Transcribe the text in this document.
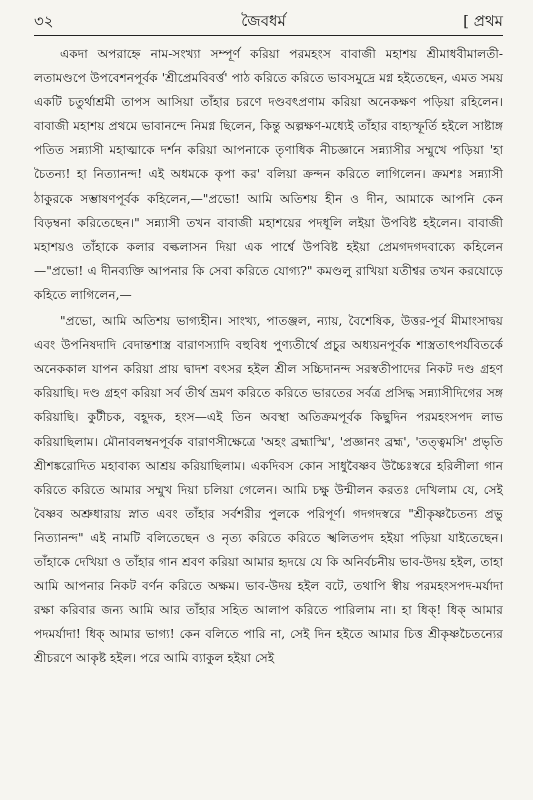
৩২	জৈবধর্ম	[ প্রথম

একদা অপরাহ্নে নাম-সংখ্যা সম্পূর্ণ করিয়া পরমহংস বাবাজী মহাশয় শ্রীমাধবীমালতী-লতামণ্ডপে উপবেশনপূর্বক 'শ্রীপ্রেমবিবর্ত্ত' পাঠ করিতে করিতে ভাবসমুদ্রে মগ্ন হইতেছেন, এমত সময় একটি চতুর্থাশ্রমী তাপস আসিয়া তাঁহার চরণে দণ্ডবৎপ্রণাম করিয়া অনেকক্ষণ পড়িয়া রহিলেন। বাবাজী মহাশয় প্রথমে ভাবানন্দে নিমগ্ন ছিলেন, কিন্তু অল্পক্ষণ-মধ্যেই তাঁহার বাহ্যস্ফূর্তি হইলে সাষ্টাঙ্গ পতিত সন্ন্যাসী মহাত্মাকে দর্শন করিয়া আপনাকে তৃণাধিক নীচজ্ঞানে সন্ন্যাসীর সম্মুখে পড়িয়া 'হা চৈতন্য! হা নিত্যানন্দ! এই অধমকে কৃপা কর' বলিয়া ক্রন্দন করিতে লাগিলেন। ক্রমশঃ সন্ন্যাসী ঠাকুরকে সম্ভাষণপূর্বক কহিলেন,—"প্রভো! আমি অতিশয় হীন ও দীন, আমাকে আপনি কেন বিড়ম্বনা করিতেছেন।" সন্ন্যাসী তখন বাবাজী মহাশয়ের পদধূলি লইয়া উপবিষ্ট হইলেন। বাবাজী মহাশয়ও তাঁহাকে কলার বল্কলাসন দিয়া এক পার্শ্বে উপবিষ্ট হইয়া প্রেমগদগদবাক্যে কহিলেন—"প্রভো! এ দীনব্যক্তি আপনার কি সেবা করিতে যোগ্য?" কমণ্ডলু রাখিয়া যতীশ্বর তখন করযোড়ে কহিতে লাগিলেন,—

"প্রভো, আমি অতিশয় ভাগ্যহীন। সাংখ্য, পাতঞ্জল, ন্যায়, বৈশেষিক, উত্তর-পূর্ব মীমাংসাদ্বয় এবং উপনিষদাদি বেদান্তশাস্ত্র বারাণস্যাদি বহুবিধ পুণ্যতীর্থে প্রচুর অধ্যয়নপূর্বক শাস্ত্রতাৎপর্যবিতর্কে অনেককাল যাপন করিয়া প্রায় দ্বাদশ বৎসর হইল শ্রীল সচ্চিদানন্দ সরস্বতীপাদের নিকট দণ্ড গ্রহণ করিয়াছি। দণ্ড গ্রহণ করিয়া সর্ব তীর্থ ভ্রমণ করিতে করিতে ভারতের সর্বত্র প্রসিদ্ধ সন্ন্যাসীদিগের সঙ্গ করিয়াছি। কুটীচক, বহূদক, হংস—এই তিন অবস্থা অতিক্রমপূর্বক কিছুদিন পরমহংসপদ লাভ করিয়াছিলাম। মৌনাবলম্বনপূর্বক বারাণসীক্ষেত্রে 'অহং ব্রহ্মাস্মি', 'প্রজ্ঞানং ব্রহ্ম', 'তত্ত্বমসি' প্রভৃতি শ্রীশঙ্করোদিত মহাবাক্য আশ্রয় করিয়াছিলাম। একদিবস কোন সাধুবৈষ্ণব উচ্চৈঃস্বরে হরিলীলা গান করিতে করিতে আমার সম্মুখ দিয়া চলিয়া গেলেন। আমি চক্ষু উন্মীলন করতঃ দেখিলাম যে, সেই বৈষ্ণব অশ্রুধারায় স্নাত এবং তাঁহার সর্বশরীর পুলকে পরিপূর্ণ। গদগদস্বরে "শ্রীকৃষ্ণচৈতন্য প্রভু নিত্যানন্দ" এই নামটি বলিতেছেন ও নৃত্য করিতে করিতে স্খলিতপদ হইয়া পড়িয়া যাইতেছেন। তাঁহাকে দেখিয়া ও তাঁহার গান শ্রবণ করিয়া আমার হৃদয়ে যে কি অনির্বচনীয় ভাব-উদয় হইল, তাহা আমি আপনার নিকট বর্ণন করিতে অক্ষম। ভাব-উদয় হইল বটে, তথাপি স্বীয় পরমহংসপদ-মর্যাদা রক্ষা করিবার জন্য আমি আর তাঁহার সহিত আলাপ করিতে পারিলাম না। হা ধিক্! ধিক্ আমার পদমর্যাদা! ধিক্ আমার ভাগ্য! কেন বলিতে পারি না, সেই দিন হইতে আমার চিত্ত শ্রীকৃষ্ণচৈতন্যের শ্রীচরণে আকৃষ্ট হইল। পরে আমি ব্যাকুল হইয়া সেই
